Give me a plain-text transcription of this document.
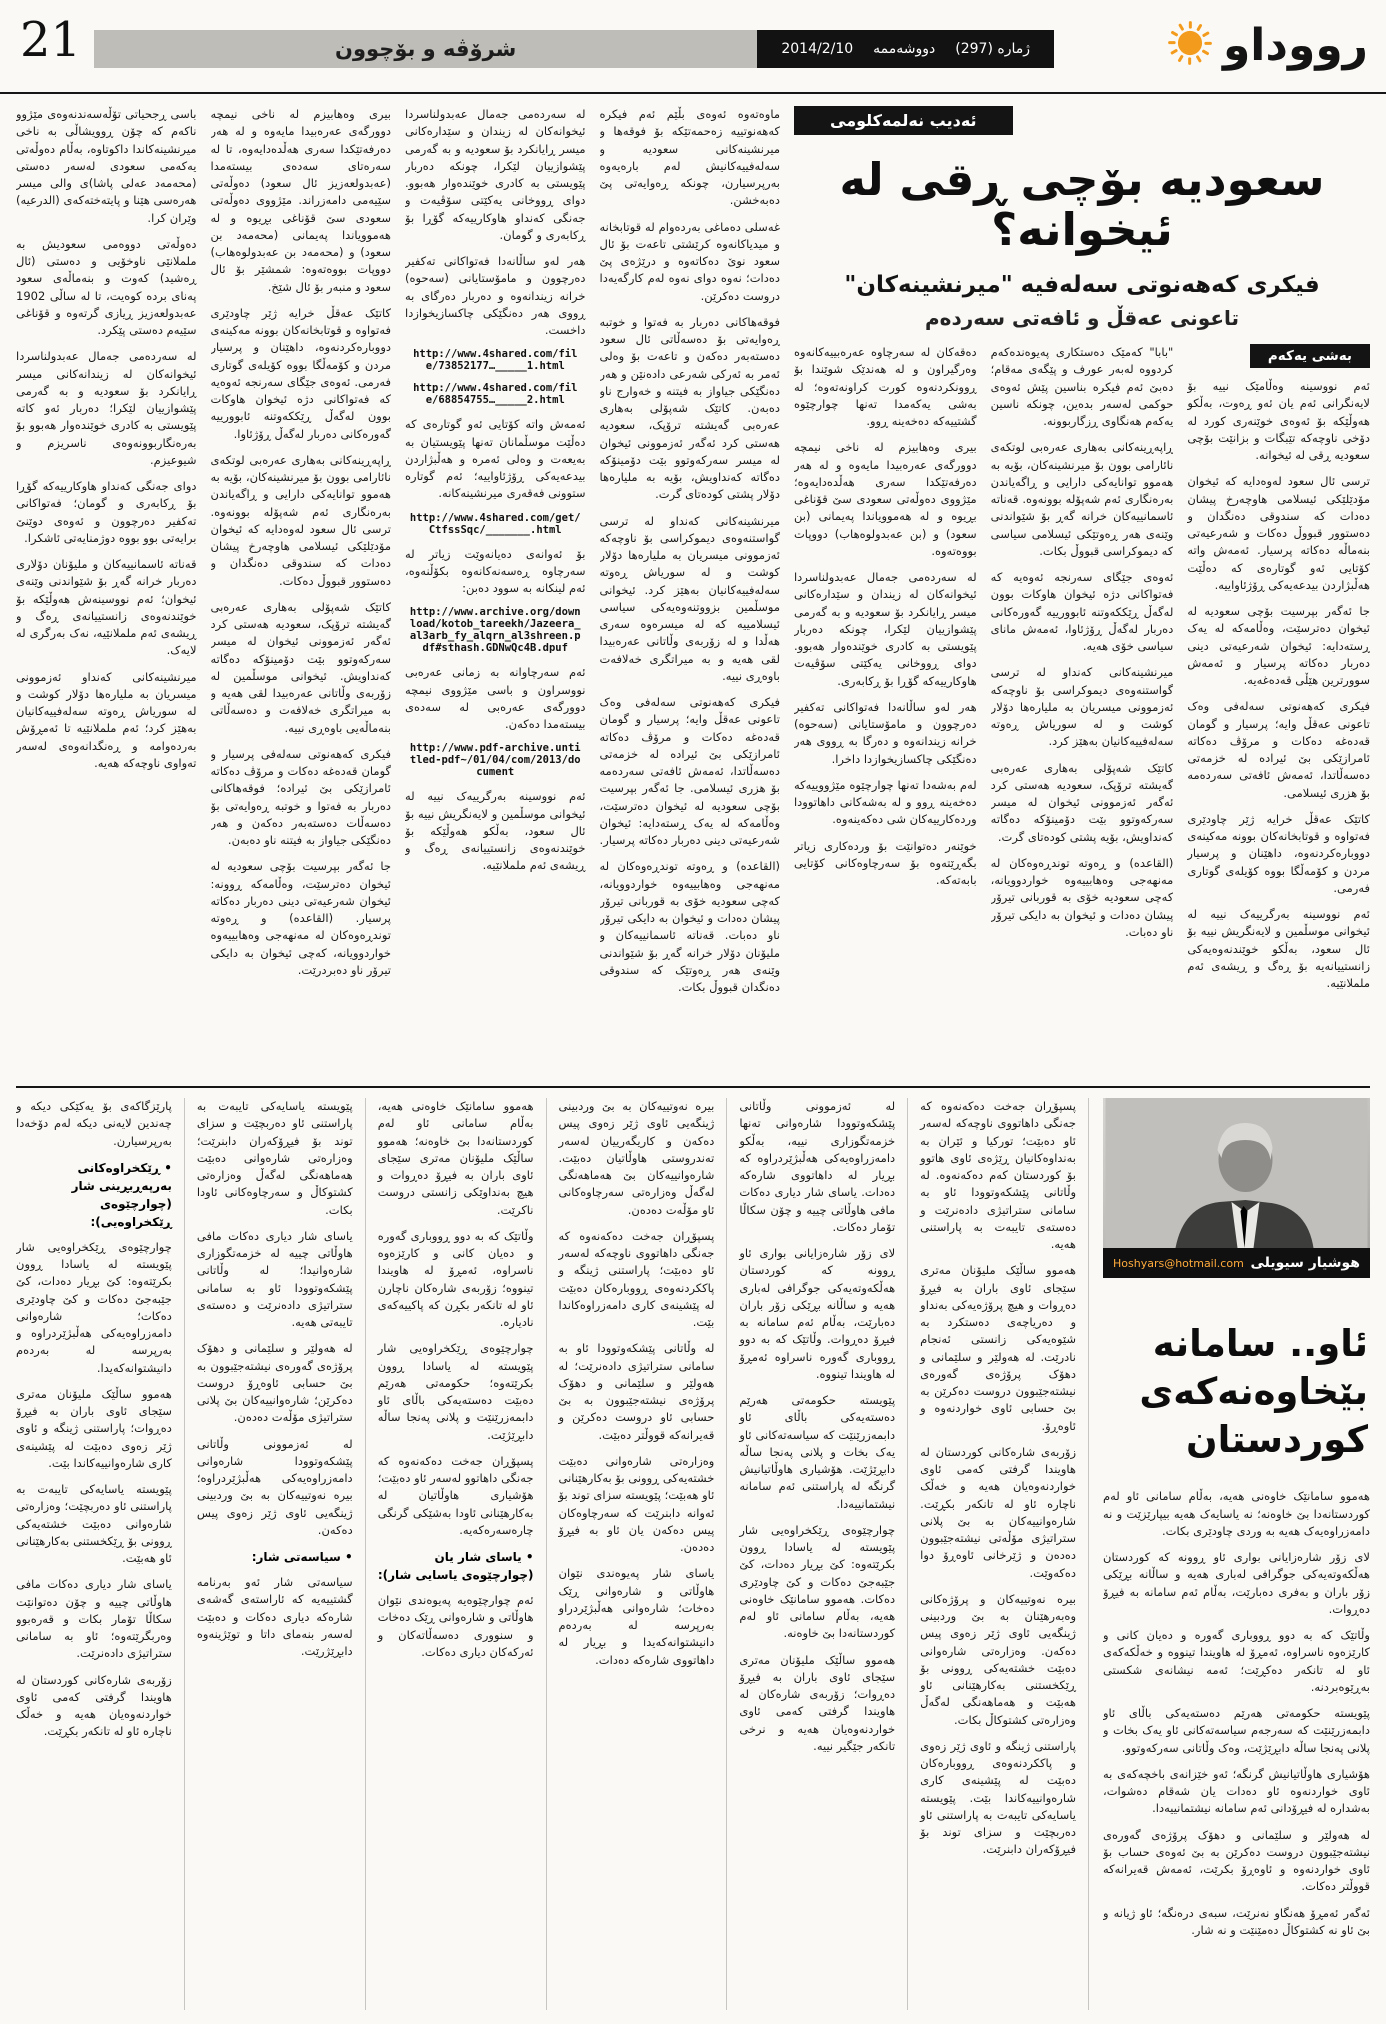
21	ژمارە (297)
دووشەممە
2014/2/10
شرۆڤە و بۆچوون	رووداو
ئەدیب نەلمەکلومی
سعودیە بۆچی ڕقی لە ئیخوانە؟
فیکری کەهەنوتی سەلەفیە "میرنشینەکان"
تاعونی عەقڵ و ئافەتی سەردەم
بەشی یەکەم

ئەم نووسینە وەڵامێک نییە بۆ لایەنگرانی ئەم یان ئەو ڕەوت، بەڵکو هەوڵێکە بۆ ئەوەی خوێنەری کورد لە دۆخی ناوچەکە تێبگات و بزانێت بۆچی سعودیە ڕقی لە ئیخوانە.

ترسی ئال سعود لەوەدایە کە ئیخوان مۆدێلێکی ئیسلامی هاوچەرخ پیشان دەدات کە سندوقی دەنگدان و دەستوور قبووڵ دەکات و شەرعیەتی بنەماڵە دەکاتە پرسیار. ئەمەش واتە کۆتایی ئەو گوتارەی کە دەڵێت هەڵبژاردن بیدعەیەکی ڕۆژئاواییە.

جا ئەگەر بپرسیت بۆچی سعودیە لە ئیخوان دەترسێت، وەڵامەکە لە یەک ڕستەدایە: ئیخوان شەرعیەتی دینی دەربار دەکاتە پرسیار و ئەمەش سوورترین هێڵی قەدەغەیە.

فیکری کەهەنوتی سەلەفی وەک تاعونی عەقڵ وایە؛ پرسیار و گومان قەدەغە دەکات و مرۆڤ دەکاتە ئامرازێکی بێ ئیرادە لە خزمەتی دەسەڵاتدا، ئەمەش ئافەتی سەردەمە بۆ هزری ئیسلامی.

کاتێک عەقڵ خرایە ژێر چاودێری فەتواوە و قوتابخانەکان بوونە مەکینەی دووبارەکردنەوە، داهێنان و پرسیار مردن و کۆمەڵگا بووە کۆیلەی گوتاری فەرمی.

ئەم نووسینە بەرگرییەک نییە لە ئیخوانی موسڵمین و لایەنگریش نییە بۆ ئال سعود، بەڵکو خوێندنەوەیەکی زانستییانەیە بۆ ڕەگ و ڕیشەی ئەم ململانێیە.

"بابا" کەمێک دەستکاری پەیوەندەکەم کردووە لەبەر عورف و پێگەی مەقام؛ دەبێ ئەم فیکرە بناسین پێش ئەوەی حوکمی لەسەر بدەین، چونکە ناسین یەکەم هەنگاوی ڕزگاربوونە.

ڕاپەڕینەکانی بەهاری عەرەبی لوتکەی نائارامی بوون بۆ میرنشینەکان، بۆیە بە هەموو توانایەکی دارایی و ڕاگەیاندن بەرەنگاری ئەم شەپۆلە بوونەوە. قەناتە ئاسمانییەکان خرانە گەڕ بۆ شێواندنی وێنەی هەر ڕەوتێکی ئیسلامی سیاسی کە دیموکراسی قبووڵ بکات.

ئەوەی جێگای سەرنجە ئەوەیە کە فەتواکانی دژە ئیخوان هاوکات بوون لەگەڵ ڕێککەوتنە ئابوورییە گەورەکانی دەربار لەگەڵ ڕۆژئاوا، ئەمەش مانای سیاسی خۆی هەیە.

میرنشینەکانی کەنداو لە ترسی گواستنەوەی دیموکراسی بۆ ناوچەکە ئەزموونی میسریان بە ملیارەها دۆلار کوشت و لە سوریاش ڕەوتە سەلەفییەکانیان بەهێز کرد.

کاتێک شەپۆلی بەهاری عەرەبی گەیشتە ترۆپک، سعودیە هەستی کرد ئەگەر ئەزموونی ئیخوان لە میسر سەرکەوتوو بێت دۆمینۆکە دەگاتە کەنداویش، بۆیە پشتی کودەتای گرت.

(القاعدە) و ڕەوتە توندڕەوەکان لە مەنهەجی وەهابییەوە خواردوویانە، کەچی سعودیە خۆی بە قوربانی تیرۆر پیشان دەدات و ئیخوان بە دایکی تیرۆر ناو دەبات.

دەقەکان لە سەرچاوە عەرەبییەکانەوە وەرگیراون و لە هەندێک شوێندا بۆ ڕوونکردنەوە کورت کراونەتەوە؛ لە بەشی یەکەمدا تەنها چوارچێوە گشتییەکە دەخەینە ڕوو.

بیری وەهابیزم لە ناخی نیمچە دوورگەی عەرەبیدا مایەوە و لە هەر دەرفەتێکدا سەری هەڵدەدایەوە؛ مێژووی دەوڵەتی سعودی سێ قۆناغی بڕیوە و لە هەموویاندا پەیمانی (بن سعود) و (بن عەبدولوەهاب) دووپات بووەتەوە.

لە سەردەمی جەمال عەبدولناسردا ئیخوانەکان لە زیندان و سێدارەکانی میسر ڕایانکرد بۆ سعودیە و بە گەرمی پێشوازییان لێکرا، چونکە دەربار پێویستی بە کادری خوێندەوار هەبوو. دوای ڕووخانی یەکێتی سۆڤیەت هاوکارییەکە گۆڕا بۆ ڕکابەری.

هەر لەو ساڵانەدا فەتواکانی تەکفیر دەرچوون و مامۆستایانی (سەحوە) خرانە زیندانەوە و دەرگا بە ڕووی هەر دەنگێکی چاکسازیخوازدا داخرا.

لەم بەشەدا تەنها چوارچێوە مێژووییەکە دەخەینە ڕوو و لە بەشەکانی داهاتوودا وردەکارییەکان شی دەکەینەوە.

خوێنەر دەتوانێت بۆ وردەکاری زیاتر بگەڕێتەوە بۆ سەرچاوەکانی کۆتایی بابەتەکە.

ماوەتەوە ئەوەی بڵێم ئەم فیکرە کەهەنوتییە زەحمەتێکە بۆ فوقەها و میرنشینەکانی سعودیە و سەلەفییەکانیش لەم بارەیەوە بەرپرسیارن، چونکە ڕەوایەتی پێ دەبەخشن.

غەسلی دەماغی بەردەوام لە قوتابخانە و میدیاکانەوە کرێشتی تاعەت بۆ ئال سعود نوێ دەکاتەوە و درێژەی پێ دەدات؛ نەوە دوای نەوە لەم کارگەیەدا دروست دەکرێن.

فوقەهاکانی دەربار بە فەتوا و خوتبە ڕەوایەتی بۆ دەسەڵاتی ئال سعود دەستەبەر دەکەن و تاعەت بۆ وەلی ئەمر بە ئەرکی شەرعی دادەنێن و هەر دەنگێکی جیاواز بە فیتنە و خەوارج ناو دەبەن. کاتێک شەپۆلی بەهاری عەرەبی گەیشتە ترۆپک، سعودیە هەستی کرد ئەگەر ئەزموونی ئیخوان لە میسر سەرکەوتوو بێت دۆمینۆکە دەگاتە کەنداویش، بۆیە بە ملیارەها دۆلار پشتی کودەتای گرت.

میرنشینەکانی کەنداو لە ترسی گواستنەوەی دیموکراسی بۆ ناوچەکە ئەزموونی میسریان بە ملیارەها دۆلار کوشت و لە سوریاش ڕەوتە سەلەفییەکانیان بەهێز کرد. ئیخوانی موسڵمین بزووتنەوەیەکی سیاسی ئیسلامییە کە لە میسرەوە سەری هەڵدا و لە زۆربەی وڵاتانی عەرەبیدا لقی هەیە و بە میراتگری خەلافەت باوەڕی نییە.

فیکری کەهەنوتی سەلەفی وەک تاعونی عەقڵ وایە؛ پرسیار و گومان قەدەغە دەکات و مرۆڤ دەکاتە ئامرازێکی بێ ئیرادە لە خزمەتی دەسەڵاتدا، ئەمەش ئافەتی سەردەمە بۆ هزری ئیسلامی. جا ئەگەر بپرسیت بۆچی سعودیە لە ئیخوان دەترسێت، وەڵامەکە لە یەک ڕستەدایە: ئیخوان شەرعیەتی دینی دەربار دەکاتە پرسیار.

(القاعدە) و ڕەوتە توندڕەوەکان لە مەنهەجی وەهابییەوە خواردوویانە، کەچی سعودیە خۆی بە قوربانی تیرۆر پیشان دەدات و ئیخوان بە دایکی تیرۆر ناو دەبات. قەناتە ئاسمانییەکان و ملیۆنان دۆلار خرانە گەڕ بۆ شێواندنی وێنەی هەر ڕەوتێک کە سندوقی دەنگدان قبووڵ بکات.

لە سەردەمی جەمال عەبدولناسردا ئیخوانەکان لە زیندان و سێدارەکانی میسر ڕایانکرد بۆ سعودیە و بە گەرمی پێشوازییان لێکرا، چونکە دەربار پێویستی بە کادری خوێندەوار هەبوو. دوای ڕووخانی یەکێتی سۆڤیەت و جەنگی کەنداو هاوکارییەکە گۆڕا بۆ ڕکابەری و گومان.

هەر لەو ساڵانەدا فەتواکانی تەکفیر دەرچوون و مامۆستایانی (سەحوە) خرانە زیندانەوە و دەربار دەرگای بە ڕووی هەر دەنگێکی چاکسازیخوازدا داخست.

http://www.4shared.com/file/73852177…_____1.html

http://www.4shared.com/file/68854755…_____2.html

ئەمەش واتە کۆتایی ئەو گوتارەی کە دەڵێت موسڵمانان تەنها پێویستیان بە بەیعەت و وەلی ئەمرە و هەڵبژاردن بیدعەیەکی ڕۆژئاواییە؛ ئەم گوتارە ستوونی فەقەری میرنشینەکانە.

http://www.4shared.com/get/CtfssSqc/_______.html

بۆ ئەوانەی دەیانەوێت زیاتر لە سەرچاوە ڕەسەنەکانەوە بکۆڵنەوە، ئەم لینکانە بە سوود دەبن:

http://www.archive.org/download/kotob_tareekh/Jazeera_al3arb_fy_alqrn_al3shreen.pdf#sthash.GDNwQc4B.dpuf

ئەم سەرچاوانە بە زمانی عەرەبی نووسراون و باسی مێژووی نیمچە دوورگەی عەرەبی لە سەدەی بیستەمدا دەکەن.

http://www.pdf-archive.untitled-pdf~/01/04/com/2013/document

ئەم نووسینە بەرگرییەک نییە لە ئیخوانی موسڵمین و لایەنگریش نییە بۆ ئال سعود، بەڵکو هەوڵێکە بۆ خوێندنەوەی زانستییانەی ڕەگ و ڕیشەی ئەم ململانێیە.

بیری وەهابیزم لە ناخی نیمچە دوورگەی عەرەبیدا مایەوە و لە هەر دەرفەتێکدا سەری هەڵدەدایەوە، تا لە سەرەتای سەدەی بیستەمدا (عەبدولعەزیز ئال سعود) دەوڵەتی سێیەمی دامەزراند. مێژووی دەوڵەتی سعودی سێ قۆناغی بڕیوە و لە هەموویاندا پەیمانی (محەمەد بن سعود) و (محەمەد بن عەبدولوەهاب) دووپات بووەتەوە: شمشێر بۆ ئال سعود و منبەر بۆ ئال شێخ.

کاتێک عەقڵ خرایە ژێر چاودێری فەتواوە و قوتابخانەکان بوونە مەکینەی دووبارەکردنەوە، داهێنان و پرسیار مردن و کۆمەڵگا بووە کۆیلەی گوتاری فەرمی. ئەوەی جێگای سەرنجە ئەوەیە کە فەتواکانی دژە ئیخوان هاوکات بوون لەگەڵ ڕێککەوتنە ئابوورییە گەورەکانی دەربار لەگەڵ ڕۆژئاوا.

ڕاپەڕینەکانی بەهاری عەرەبی لوتکەی نائارامی بوون بۆ میرنشینەکان، بۆیە بە هەموو توانایەکی دارایی و ڕاگەیاندن بەرەنگاری ئەم شەپۆلە بوونەوە. ترسی ئال سعود لەوەدایە کە ئیخوان مۆدێلێکی ئیسلامی هاوچەرخ پیشان دەدات کە سندوقی دەنگدان و دەستوور قبووڵ دەکات.

کاتێک شەپۆلی بەهاری عەرەبی گەیشتە ترۆپک، سعودیە هەستی کرد ئەگەر ئەزموونی ئیخوان لە میسر سەرکەوتوو بێت دۆمینۆکە دەگاتە کەنداویش. ئیخوانی موسڵمین لە زۆربەی وڵاتانی عەرەبیدا لقی هەیە و بە میراتگری خەلافەت و دەسەڵاتی بنەماڵەیی باوەڕی نییە.

فیکری کەهەنوتی سەلەفی پرسیار و گومان قەدەغە دەکات و مرۆڤ دەکاتە ئامرازێکی بێ ئیرادە؛ فوقەهاکانی دەربار بە فەتوا و خوتبە ڕەوایەتی بۆ دەسەڵات دەستەبەر دەکەن و هەر دەنگێکی جیاواز بە فیتنە ناو دەبەن.

جا ئەگەر بپرسیت بۆچی سعودیە لە ئیخوان دەترسێت، وەڵامەکە ڕوونە: ئیخوان شەرعیەتی دینی دەربار دەکاتە پرسیار. (القاعدە) و ڕەوتە توندڕەوەکان لە مەنهەجی وەهابییەوە خواردوویانە، کەچی ئیخوان بە دایکی تیرۆر ناو دەبردرێت.

باسی ڕجحیاتی تۆڵەسەندنەوەی مێژوو ناکەم کە چۆن ڕوویشاڵی بە ناخی میرنشینەکاندا داکوتاوە، بەڵام دەوڵەتی یەکەمی سعودی لەسەر دەستی (محەمەد عەلی پاشا)ی والی میسر هەرەسی هێنا و پایتەختەکەی (الدرعیە) وێران کرا.

دەوڵەتی دووەمی سعودیش بە ململانێی ناوخۆیی و دەستی (ئال ڕەشید) کەوت و بنەماڵەی سعود پەنای بردە کوەیت، تا لە ساڵی 1902 عەبدولعەزیز ڕیازی گرتەوە و قۆناغی سێیەم دەستی پێکرد.

لە سەردەمی جەمال عەبدولناسردا ئیخوانەکان لە زیندانەکانی میسر ڕایانکرد بۆ سعودیە و بە گەرمی پێشوازییان لێکرا؛ دەربار ئەو کاتە پێویستی بە کادری خوێندەوار هەبوو بۆ بەرەنگاربوونەوەی ناسریزم و شیوعیزم.

دوای جەنگی کەنداو هاوکارییەکە گۆڕا بۆ ڕکابەری و گومان؛ فەتواکانی تەکفیر دەرچوون و ئەوەی دوێنێ برایەتی بوو بووە دوژمنایەتی ئاشکرا.

قەناتە ئاسمانییەکان و ملیۆنان دۆلاری دەربار خرانە گەڕ بۆ شێواندنی وێنەی ئیخوان؛ ئەم نووسینەش هەوڵێکە بۆ خوێندنەوەی زانستییانەی ڕەگ و ڕیشەی ئەم ململانێیە، نەک بەرگری لە لایەک.

میرنشینەکانی کەنداو ئەزموونی میسریان بە ملیارەها دۆلار کوشت و لە سوریاش ڕەوتە سەلەفییەکانیان بەهێز کرد؛ ئەم ململانێیە تا ئەمڕۆش بەردەوامە و ڕەنگدانەوەی لەسەر تەواوی ناوچەکە هەیە.

هوشیار سیویلی
Hoshyars@hotmail.com
ئاو.. سامانە
بێخاوەنەکەی
کوردستان

هەموو سامانێک خاوەنی هەیە، بەڵام سامانی ئاو لەم کوردستانەدا بێ خاوەنە؛ نە یاسایەک هەیە بیپارێزێت و نە دامەزراوەیەک هەیە بە وردی چاودێری بکات.

لای زۆر شارەزایانی بواری ئاو ڕوونە کە کوردستان هەڵکەوتەیەکی جوگرافی لەباری هەیە و ساڵانە بڕێکی زۆر باران و بەفری دەبارێت، بەڵام ئەم سامانە بە فیڕۆ دەڕوات.

وڵاتێک کە بە دوو ڕووباری گەورە و دەیان کانی و کارێزەوە ناسراوە، ئەمڕۆ لە هاویندا تینووە و خەڵکەکەی ئاو لە تانکەر دەکڕێت؛ ئەمە نیشانەی شکستی بەڕێوەبردنە.

پێویستە حکومەتی هەرێم دەستەیەکی باڵای ئاو دابمەزرێنێت کە سەرجەم سیاسەتەکانی ئاو یەک بخات و پلانی پەنجا ساڵە دابڕێژێت، وەک وڵاتانی سەرکەوتوو.

هۆشیاری هاوڵاتیانیش گرنگە؛ ئەو خێزانەی باخچەکەی بە ئاوی خواردنەوە ئاو دەدات یان شەقام دەشوات، بەشدارە لە فیڕۆدانی ئەم سامانە نیشتمانییەدا.

لە هەولێر و سلێمانی و دهۆک پرۆژەی گەورەی نیشتەجێبوون دروست دەکرێن بە بێ ئەوەی حساب بۆ ئاوی خواردنەوە و ئاوەڕۆ بکرێت، ئەمەش قەیرانەکە قووڵتر دەکات.

ئەگەر ئەمڕۆ هەنگاو نەنرێت، سبەی درەنگە؛ ئاو ژیانە و بێ ئاو نە کشتوکاڵ دەمێنێت و نە شار.

پسپۆڕان جەخت دەکەنەوە کە جەنگی داهاتووی ناوچەکە لەسەر ئاو دەبێت؛ تورکیا و ئێران بە بەنداوەکانیان ڕێژەی ئاوی هاتوو بۆ کوردستان کەم دەکەنەوە. لە وڵاتانی پێشکەوتوودا ئاو بە سامانی ستراتیژی دادەنرێت و دەستەی تایبەت بە پاراستنی هەیە.

هەموو ساڵێک ملیۆنان مەتری سێجای ئاوی باران بە فیڕۆ دەڕوات و هیچ پرۆژەیەکی بەنداو و دەریاچەی دەستکرد بە شێوەیەکی زانستی ئەنجام نادرێت. لە هەولێر و سلێمانی و دهۆک پرۆژەی گەورەی نیشتەجێبوون دروست دەکرێن بە بێ حسابی ئاوی خواردنەوە و ئاوەڕۆ.

زۆربەی شارەکانی کوردستان لە هاویندا گرفتی کەمی ئاوی خواردنەوەیان هەیە و خەڵک ناچارە ئاو لە تانکەر بکڕێت. شارەوانییەکان بە بێ پلانی ستراتیژی مۆڵەتی نیشتەجێبوون دەدەن و ژێرخانی ئاوەڕۆ دوا دەکەوێت.

بیرە نەوتییەکان و پرۆژەکانی وەبەرهێنان بە بێ وردبینی ژینگەیی ئاوی ژێر زەوی پیس دەکەن. وەزارەتی شارەوانی دەبێت خشتەیەکی ڕوونی بۆ ڕێکخستنی بەکارهێنانی ئاو هەبێت و هەماهەنگی لەگەڵ وەزارەتی کشتوکاڵ بکات.

پاراستنی ژینگە و ئاوی ژێر زەوی و پاککردنەوەی ڕووبارەکان دەبێت لە پێشینەی کاری شارەوانییەکاندا بێت. پێویستە یاسایەکی تایبەت بە پاراستنی ئاو دەربچێت و سزای توند بۆ فیڕۆکەران دابنرێت.

لە ئەزموونی وڵاتانی پێشکەوتوودا شارەوانی تەنها خزمەتگوزاری نییە، بەڵکو دامەزراوەیەکی هەڵبژێردراوە کە بڕیار لە داهاتووی شارەکە دەدات. یاسای شار دیاری دەکات مافی هاوڵاتی چییە و چۆن سکاڵا تۆمار دەکات.

لای زۆر شارەزایانی بواری ئاو ڕوونە کە کوردستان هەڵکەوتەیەکی جوگرافی لەباری هەیە و ساڵانە بڕێکی زۆر باران دەبارێت، بەڵام ئەم سامانە بە فیڕۆ دەڕوات. وڵاتێک کە بە دوو ڕووباری گەورە ناسراوە ئەمڕۆ لە هاویندا تینووە.

پێویستە حکومەتی هەرێم دەستەیەکی باڵای ئاو دابمەزرێنێت کە سیاسەتەکانی ئاو یەک بخات و پلانی پەنجا ساڵە دابڕێژێت. هۆشیاری هاوڵاتیانیش گرنگە لە پاراستنی ئەم سامانە نیشتمانییەدا.

چوارچێوەی ڕێکخراوەیی شار پێویستە لە یاسادا ڕوون بکرێتەوە: کێ بڕیار دەدات، کێ جێبەجێ دەکات و کێ چاودێری دەکات. هەموو سامانێک خاوەنی هەیە، بەڵام سامانی ئاو لەم کوردستانەدا بێ خاوەنە.

هەموو ساڵێک ملیۆنان مەتری سێجای ئاوی باران بە فیڕۆ دەڕوات؛ زۆربەی شارەکان لە هاویندا گرفتی کەمی ئاوی خواردنەوەیان هەیە و نرخی تانکەر جێگیر نییە.

بیرە نەوتییەکان بە بێ وردبینی ژینگەیی ئاوی ژێر زەوی پیس دەکەن و کاریگەرییان لەسەر تەندروستی هاوڵاتیان دەبێت. شارەوانییەکان بێ هەماهەنگی لەگەڵ وەزارەتی سەرچاوەکانی ئاو مۆڵەت دەدەن.

پسپۆڕان جەخت دەکەنەوە کە جەنگی داهاتووی ناوچەکە لەسەر ئاو دەبێت؛ پاراستنی ژینگە و پاککردنەوەی ڕووبارەکان دەبێت لە پێشینەی کاری دامەزراوەکاندا بێت.

لە وڵاتانی پێشکەوتوودا ئاو بە سامانی ستراتیژی دادەنرێت؛ لە هەولێر و سلێمانی و دهۆک پرۆژەی نیشتەجێبوون بە بێ حسابی ئاو دروست دەکرێن و قەیرانەکە قووڵتر دەبێت.

وەزارەتی شارەوانی دەبێت خشتەیەکی ڕوونی بۆ بەکارهێنانی ئاو هەبێت؛ پێویستە سزای توند بۆ ئەوانە دابنرێت کە سەرچاوەکان پیس دەکەن یان ئاو بە فیڕۆ دەدەن.

یاسای شار پەیوەندی نێوان هاوڵاتی و شارەوانی ڕێک دەخات؛ شارەوانی هەڵبژێردراو بەرپرسە لە بەردەم دانیشتوانەکەیدا و بڕیار لە داهاتووی شارەکە دەدات.

هەموو سامانێک خاوەنی هەیە، بەڵام سامانی ئاو لەم کوردستانەدا بێ خاوەنە؛ هەموو ساڵێک ملیۆنان مەتری سێجای ئاوی باران بە فیڕۆ دەڕوات و هیچ بەنداوێکی زانستی دروست ناکرێت.

وڵاتێک کە بە دوو ڕووباری گەورە و دەیان کانی و کارێزەوە ناسراوە، ئەمڕۆ لە هاویندا تینووە؛ زۆربەی شارەکان ناچارن ئاو لە تانکەر بکڕن کە پاکییەکەی نادیارە.

چوارچێوەی ڕێکخراوەیی شار پێویستە لە یاسادا ڕوون بکرێتەوە؛ حکومەتی هەرێم دەبێت دەستەیەکی باڵای ئاو دابمەزرێنێت و پلانی پەنجا ساڵە دابڕێژێت.

پسپۆڕان جەخت دەکەنەوە کە جەنگی داهاتوو لەسەر ئاو دەبێت؛ هۆشیاری هاوڵاتیان لە بەکارهێنانی ئاودا بەشێکی گرنگی چارەسەرەکەیە.

• یاسای شار یان (چوارچێوەی یاسایی شار):

ئەم چوارچێوەیە پەیوەندی نێوان هاوڵاتی و شارەوانی ڕێک دەخات و سنووری دەسەڵاتەکان و ئەرکەکان دیاری دەکات.

پێویستە یاسایەکی تایبەت بە پاراستنی ئاو دەربچێت و سزای توند بۆ فیڕۆکەران دابنرێت؛ وەزارەتی شارەوانی دەبێت هەماهەنگی لەگەڵ وەزارەتی کشتوکاڵ و سەرچاوەکانی ئاودا بکات.

یاسای شار دیاری دەکات مافی هاوڵاتی چییە لە خزمەتگوزاری شارەوانیدا؛ لە وڵاتانی پێشکەوتوودا ئاو بە سامانی ستراتیژی دادەنرێت و دەستەی تایبەتی هەیە.

لە هەولێر و سلێمانی و دهۆک پرۆژەی گەورەی نیشتەجێبوون بە بێ حسابی ئاوەڕۆ دروست دەکرێن؛ شارەوانییەکان بێ پلانی ستراتیژی مۆڵەت دەدەن.

لە ئەزموونی وڵاتانی پێشکەوتوودا شارەوانی دامەزراوەیەکی هەڵبژێردراوە؛ بیرە نەوتییەکان بە بێ وردبینی ژینگەیی ئاوی ژێر زەوی پیس دەکەن.

• سیاسەتی شار:

سیاسەتی شار ئەو بەرنامە گشتییەیە کە ئاراستەی گەشەی شارەکە دیاری دەکات و دەبێت لەسەر بنەمای داتا و توێژینەوە دابڕێژرێت.

پارێزگاکەی بۆ یەکێکی دیکە و چەندین لایەنی دیکە لەم دۆخەدا بەرپرسیارن.

• ڕێکخراوەکانی بەرپەڕبڕینی شار (چوارچێوەی ڕێکخراوەیی):

چوارچێوەی ڕێکخراوەیی شار پێویستە لە یاسادا ڕوون بکرێتەوە: کێ بڕیار دەدات، کێ جێبەجێ دەکات و کێ چاودێری دەکات؛ شارەوانی دامەزراوەیەکی هەڵبژێردراوە و بەرپرسە لە بەردەم دانیشتوانەکەیدا.

هەموو ساڵێک ملیۆنان مەتری سێجای ئاوی باران بە فیڕۆ دەڕوات؛ پاراستنی ژینگە و ئاوی ژێر زەوی دەبێت لە پێشینەی کاری شارەوانییەکاندا بێت.

پێویستە یاسایەکی تایبەت بە پاراستنی ئاو دەربچێت؛ وەزارەتی شارەوانی دەبێت خشتەیەکی ڕوونی بۆ ڕێکخستنی بەکارهێنانی ئاو هەبێت.

یاسای شار دیاری دەکات مافی هاوڵاتی چییە و چۆن دەتوانێت سکاڵا تۆمار بکات و قەرەبوو وەربگرێتەوە؛ ئاو بە سامانی ستراتیژی دادەنرێت.

زۆربەی شارەکانی کوردستان لە هاویندا گرفتی کەمی ئاوی خواردنەوەیان هەیە و خەڵک ناچارە ئاو لە تانکەر بکڕێت.
